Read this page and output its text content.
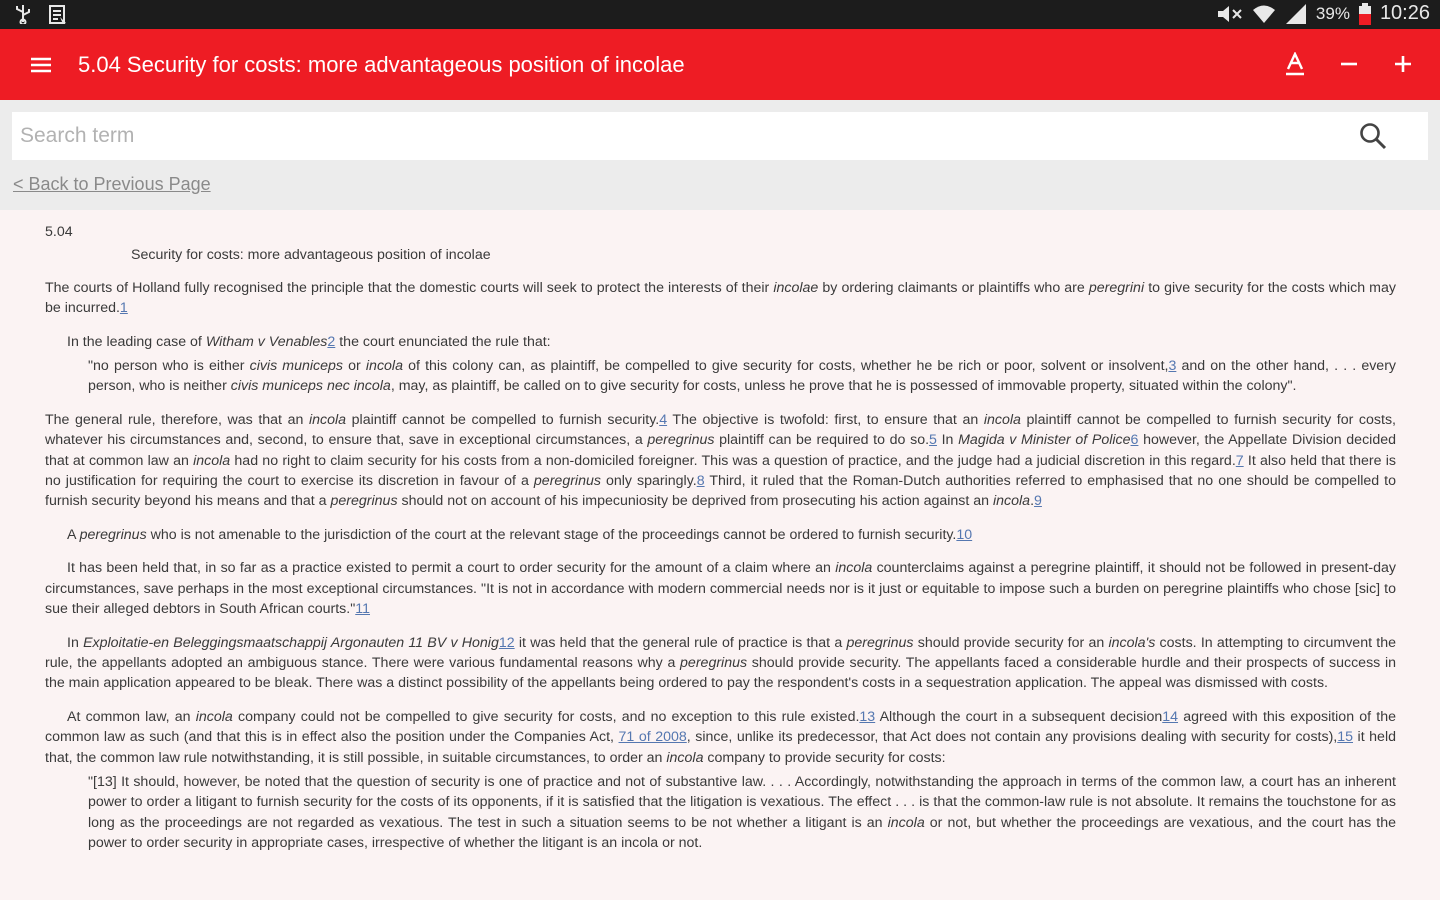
39% 10:26
5.04 Security for costs: more advantageous position of incolae
Search term
< Back to Previous Page

5.04

Security for costs: more advantageous position of incolae

The courts of Holland fully recognised the principle that the domestic courts will seek to protect the interests of their incolae by ordering claimants or plaintiffs who are peregrini to give security for the costs which may be incurred.1

In the leading case of Witham v Venables2 the court enunciated the rule that:

"no person who is either civis municeps or incola of this colony can, as plaintiff, be compelled to give security for costs, whether he be rich or poor, solvent or insolvent,3 and on the other hand, . . . every person, who is neither civis municeps nec incola, may, as plaintiff, be called on to give security for costs, unless he prove that he is possessed of immovable property, situated within the colony".

The general rule, therefore, was that an incola plaintiff cannot be compelled to furnish security.4 The objective is twofold: first, to ensure that an incola plaintiff cannot be compelled to furnish security for costs, whatever his circumstances and, second, to ensure that, save in exceptional circumstances, a peregrinus plaintiff can be required to do so.5 In Magida v Minister of Police6 however, the Appellate Division decided that at common law an incola had no right to claim security for his costs from a non-domiciled foreigner. This was a question of practice, and the judge had a judicial discretion in this regard.7 It also held that there is no justification for requiring the court to exercise its discretion in favour of a peregrinus only sparingly.8 Third, it ruled that the Roman-Dutch authorities referred to emphasised that no one should be compelled to furnish security beyond his means and that a peregrinus should not on account of his impecuniosity be deprived from prosecuting his action against an incola.9

A peregrinus who is not amenable to the jurisdiction of the court at the relevant stage of the proceedings cannot be ordered to furnish security.10

It has been held that, in so far as a practice existed to permit a court to order security for the amount of a claim where an incola counterclaims against a peregrine plaintiff, it should not be followed in present-day circumstances, save perhaps in the most exceptional circumstances. "It is not in accordance with modern commercial needs nor is it just or equitable to impose such a burden on peregrine plaintiffs who chose [sic] to sue their alleged debtors in South African courts."11

In Exploitatie-en Beleggingsmaatschappij Argonauten 11 BV v Honig12 it was held that the general rule of practice is that a peregrinus should provide security for an incola's costs. In attempting to circumvent the rule, the appellants adopted an ambiguous stance. There were various fundamental reasons why a peregrinus should provide security. The appellants faced a considerable hurdle and their prospects of success in the main application appeared to be bleak. There was a distinct possibility of the appellants being ordered to pay the respondent's costs in a sequestration application. The appeal was dismissed with costs.

At common law, an incola company could not be compelled to give security for costs, and no exception to this rule existed.13 Although the court in a subsequent decision14 agreed with this exposition of the common law as such (and that this is in effect also the position under the Companies Act, 71 of 2008, since, unlike its predecessor, that Act does not contain any provisions dealing with security for costs),15 it held that, the common law rule notwithstanding, it is still possible, in suitable circumstances, to order an incola company to provide security for costs:

"[13] It should, however, be noted that the question of security is one of practice and not of substantive law. . . . Accordingly, notwithstanding the approach in terms of the common law, a court has an inherent power to order a litigant to furnish security for the costs of its opponents, if it is satisfied that the litigation is vexatious. The effect . . . is that the common-law rule is not absolute. It remains the touchstone for as long as the proceedings are not regarded as vexatious. The test in such a situation seems to be not whether a litigant is an incola or not, but whether the proceedings are vexatious, and the court has the power to order security in appropriate cases, irrespective of whether the litigant is an incola or not.
